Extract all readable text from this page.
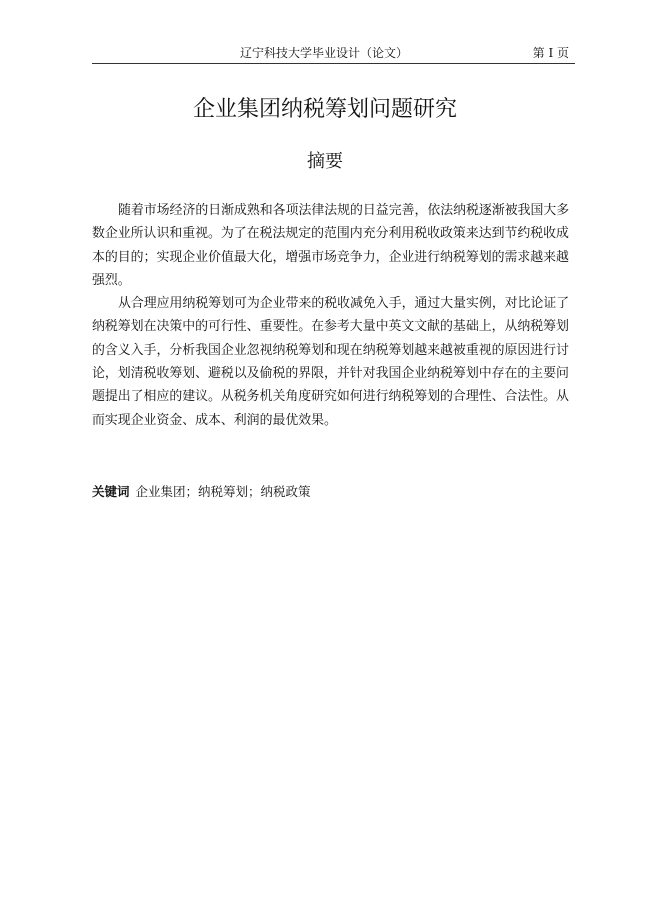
辽宁科技大学毕业设计（论文）	第 I 页
企业集团纳税筹划问题研究
摘要

随着市场经济的日渐成熟和各项法律法规的日益完善，依法纳税逐渐被我国大多
数企业所认识和重视。为了在税法规定的范围内充分利用税收政策来达到节约税收成
本的目的；实现企业价值最大化，增强市场竞争力，企业进行纳税筹划的需求越来越
强烈。

从合理应用纳税筹划可为企业带来的税收减免入手，通过大量实例，对比论证了
纳税筹划在决策中的可行性、重要性。在参考大量中英文文献的基础上，从纳税筹划
的含义入手，分析我国企业忽视纳税筹划和现在纳税筹划越来越被重视的原因进行讨
论，划清税收筹划、避税以及偷税的界限，并针对我国企业纳税筹划中存在的主要问
题提出了相应的建议。从税务机关角度研究如何进行纳税筹划的合理性、合法性。从
而实现企业资金、成本、利润的最优效果。

关键词 企业集团；纳税筹划；纳税政策
